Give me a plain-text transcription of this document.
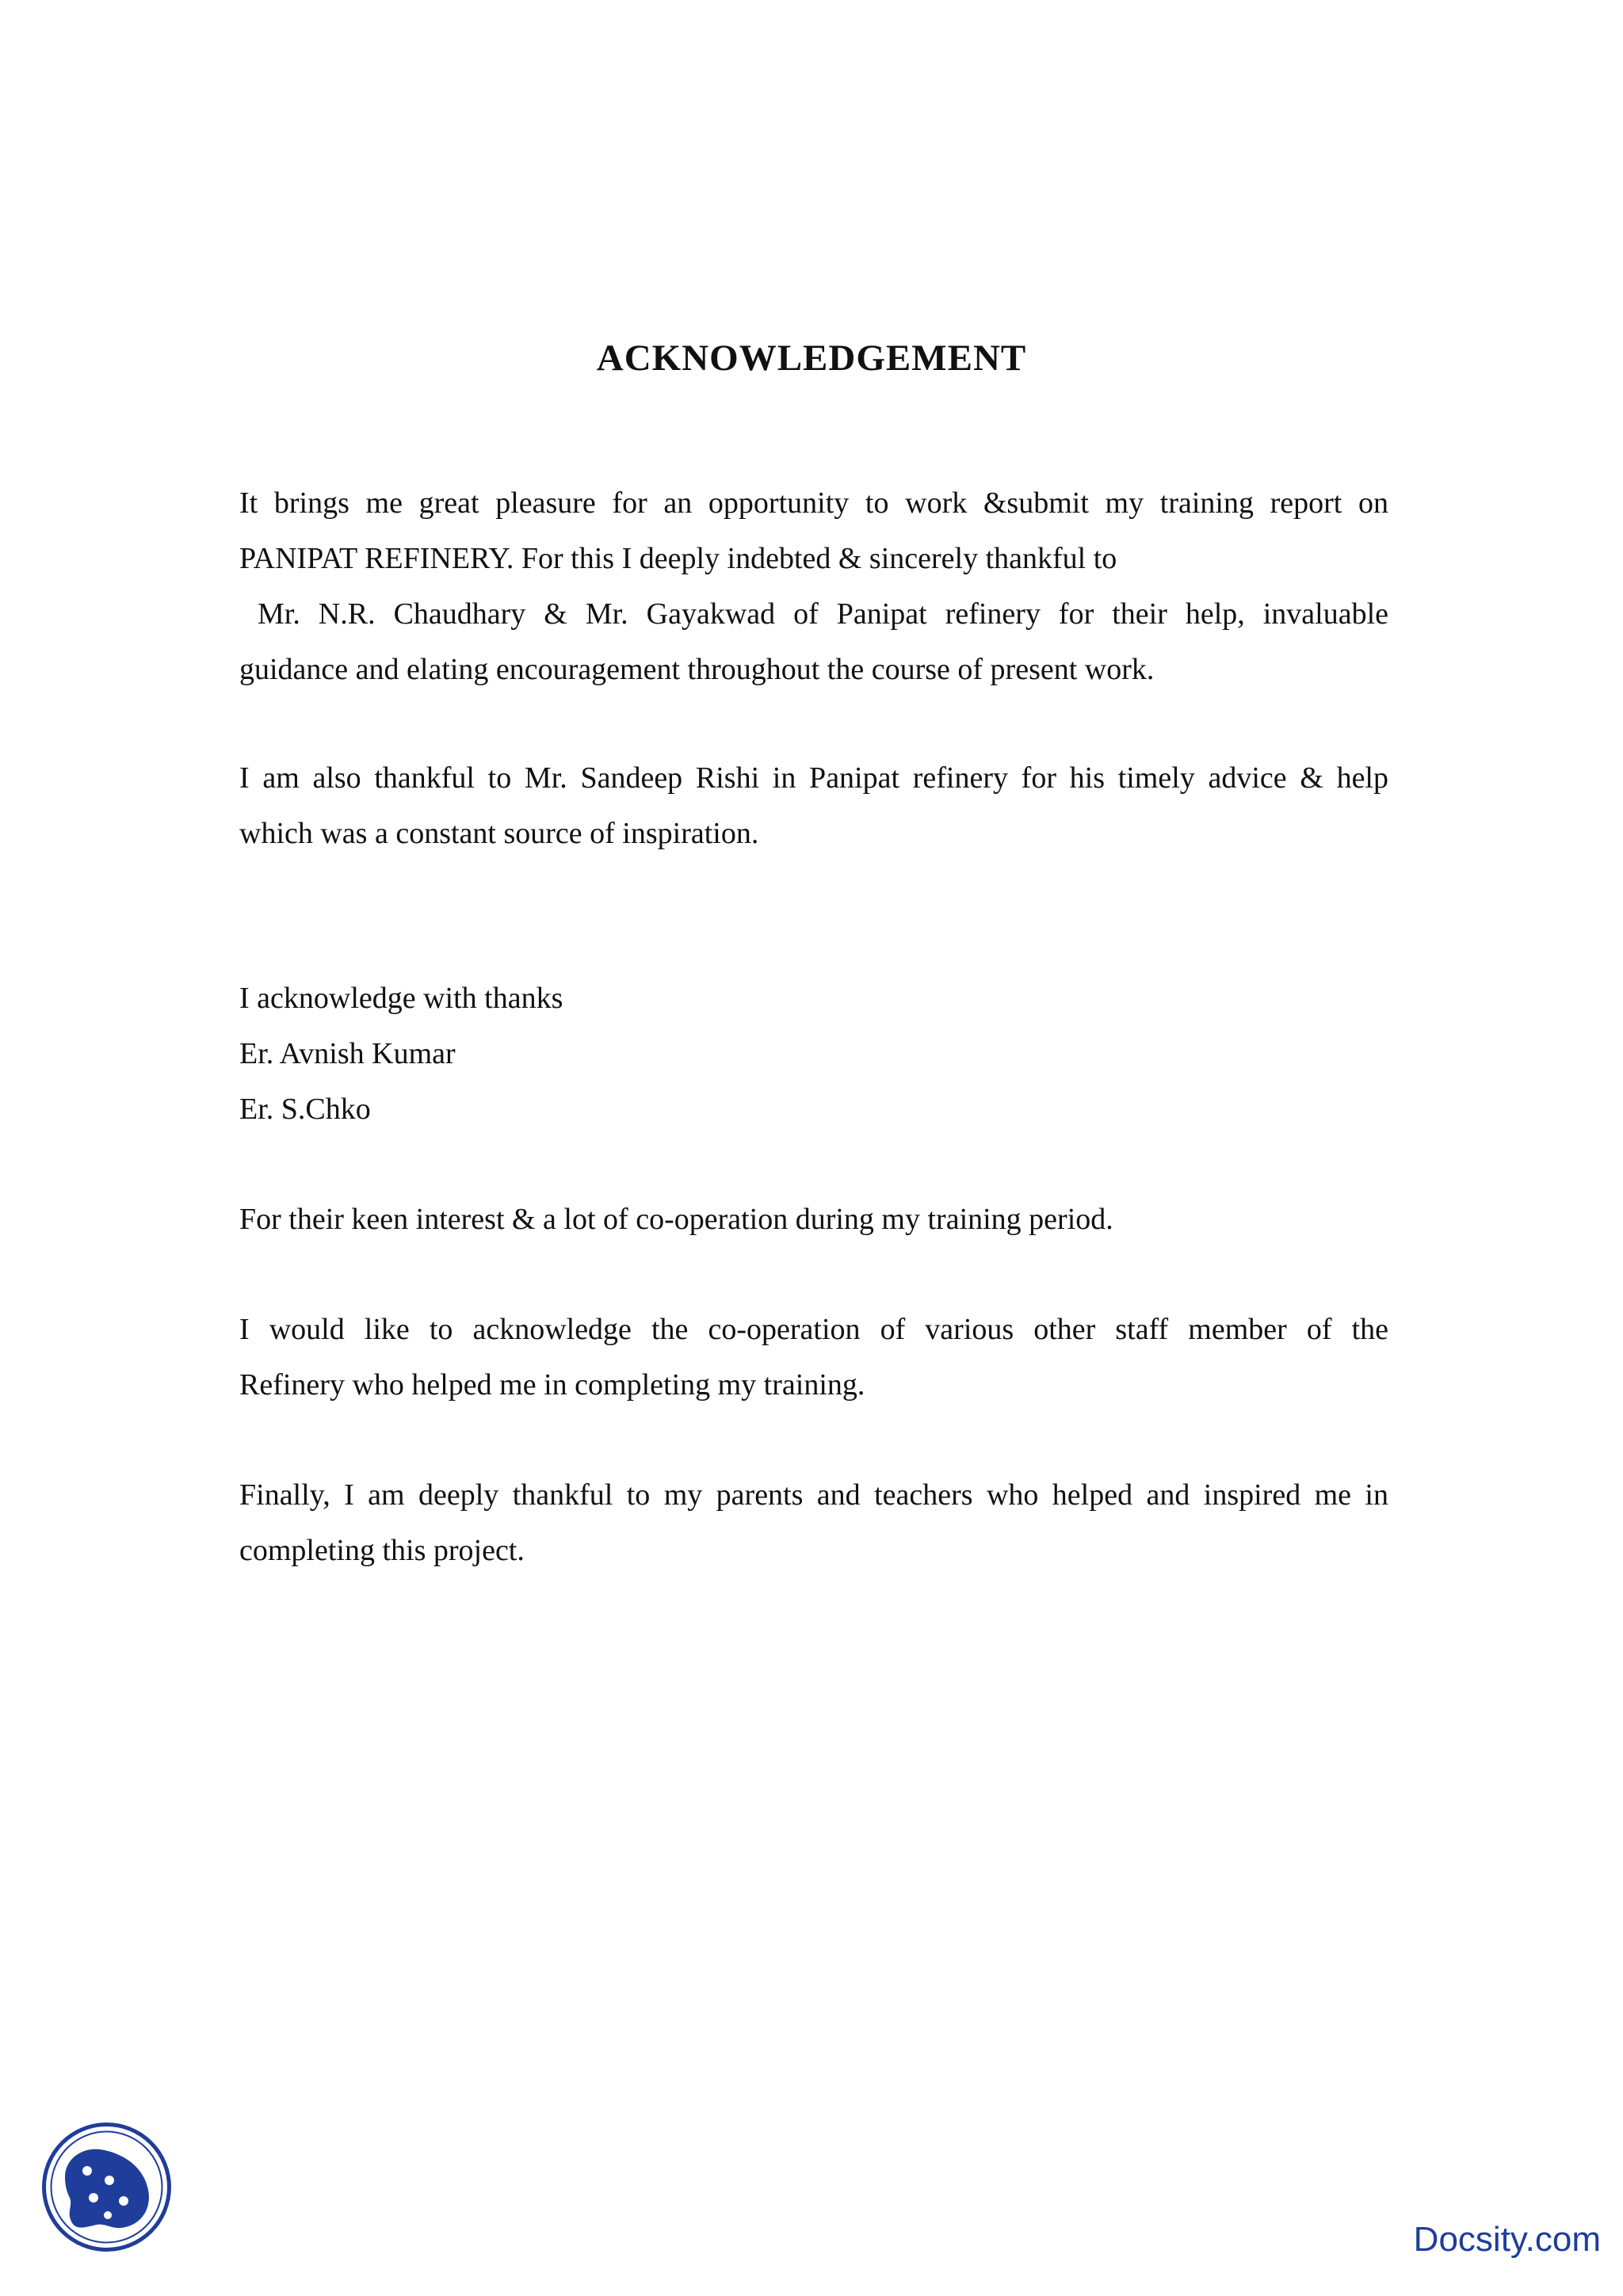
ACKNOWLEDGEMENT
It brings me great pleasure for an opportunity to work &submit my training report on
PANIPAT REFINERY. For this I deeply indebted & sincerely thankful to
Mr. N.R. Chaudhary & Mr. Gayakwad of Panipat refinery for their help, invaluable
guidance and elating encouragement throughout the course of present work.
I am also thankful to Mr. Sandeep Rishi in Panipat refinery for his timely advice & help
which was a constant source of inspiration.
I acknowledge with thanks
Er. Avnish Kumar
Er. S.Chko
For their keen interest & a lot of co-operation during my training period.
I would like to acknowledge the co-operation of various other staff member of the
Refinery who helped me in completing my training.
Finally, I am deeply thankful to my parents and teachers who helped and inspired me in
completing this project.

Docsity.com
